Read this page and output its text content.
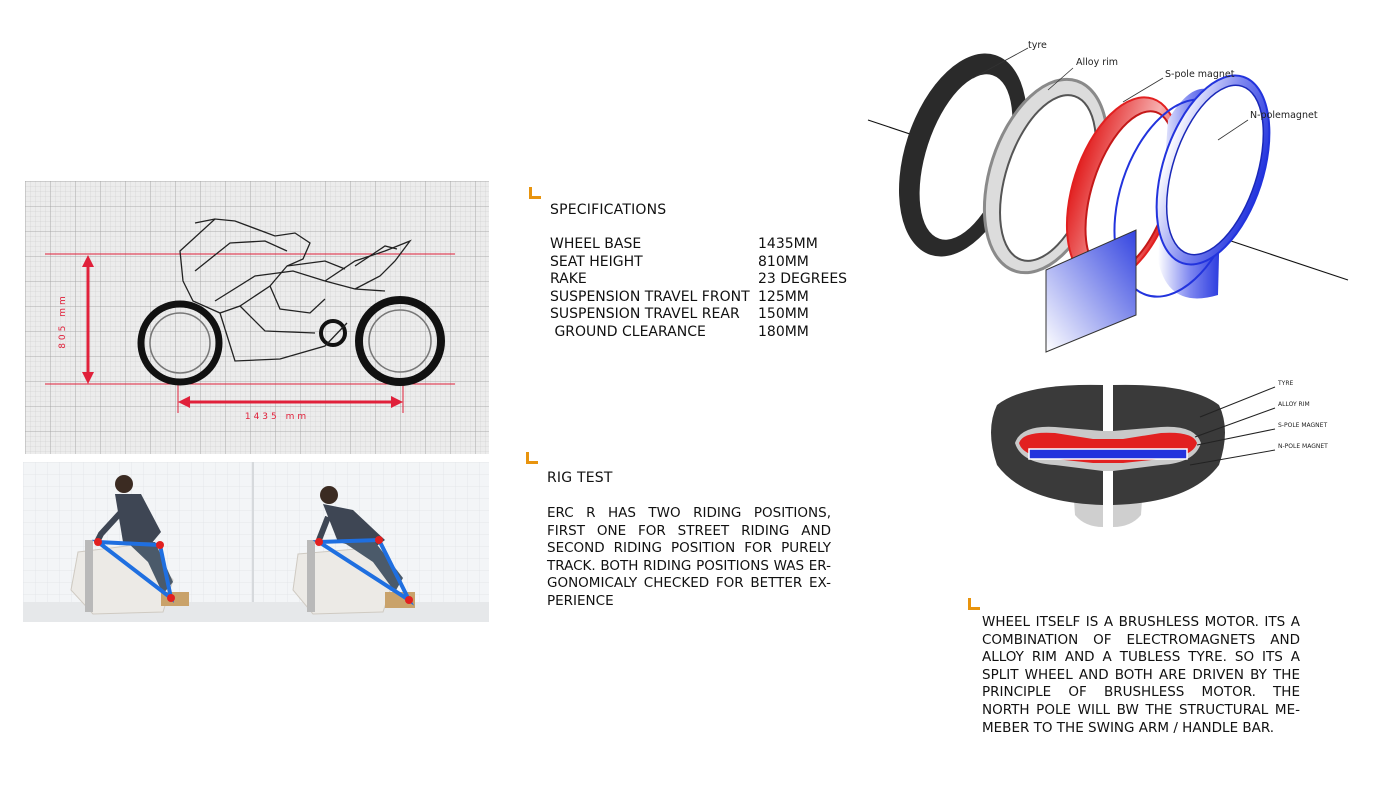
805 mm
1435 mm
SPECIFICATIONS
WHEEL BASE	1435MM
SEAT HEIGHT	810MM
RAKE	23 DEGREES
SUSPENSION TRAVEL FRONT 125MM
SUSPENSION TRAVEL REAR	150MM
GROUND CLEARANCE	180MM
RIG TEST
ERC R HAS TWO RIDING POSITIONS, FIRST ONE FOR STREET RIDING AND SECOND RIDING POSITION FOR PURELY TRACK. BOTH RIDING POSITIONS WAS ER- GONOMICALY CHECKED FOR BETTER EX- PERIENCE
tyre
Alloy rim
S-pole magnet
N-polemagnet
TYRE
ALLOY RIM
S-POLE MAGNET
N-POLE MAGNET
WHEEL ITSELF IS A BRUSHLESS MOTOR. ITS A COMBINATION OF ELECTROMAGNETS AND ALLOY RIM AND A TUBLESS TYRE. SO ITS A SPLIT WHEEL AND BOTH ARE DRIVEN BY THE PRINCIPLE OF BRUSHLESS MOTOR. THE NORTH POLE WILL BW THE STRUCTURAL ME- MEBER TO THE SWING ARM / HANDLE BAR.
